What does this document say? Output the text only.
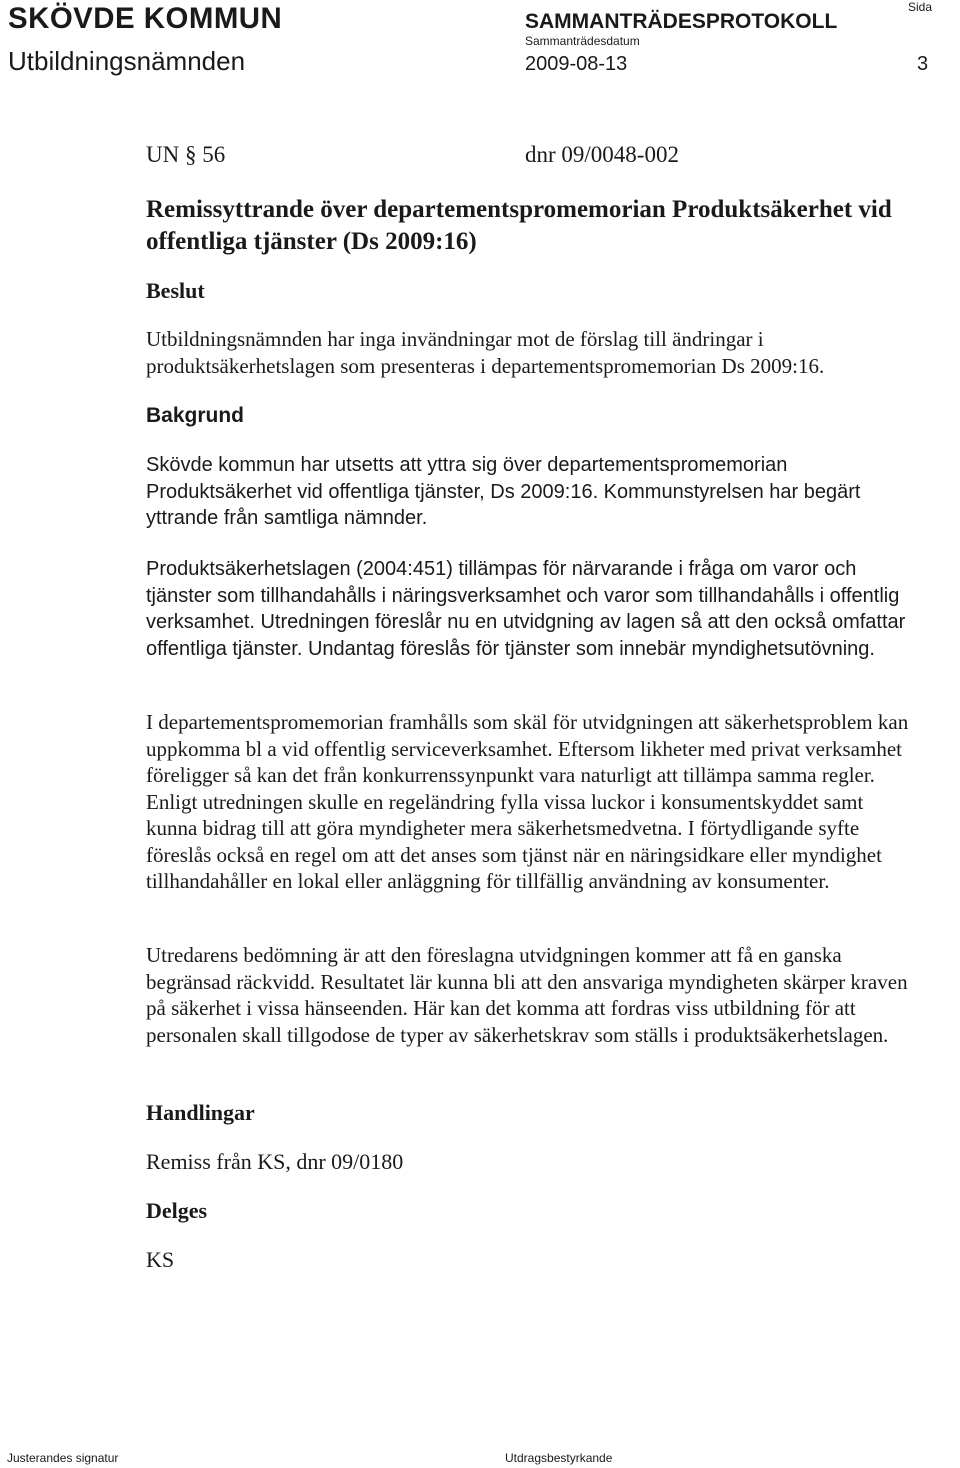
SKÖVDE KOMMUN
Utbildningsnämnden
SAMMANTRÄDESPROTOKOLL
Sammanträdesdatum
Sida
2009-08-13	3
UN § 56	dnr 09/0048-002
Remissyttrande över departementspromemorian Produktsäkerhet vid offentliga tjänster (Ds 2009:16)
Beslut

Utbildningsnämnden har inga invändningar mot de förslag till ändringar i produktsäkerhetslagen som presenteras i departementspromemorian Ds 2009:16.

Bakgrund

Skövde kommun har utsetts att yttra sig över departementspromemorian Produktsäkerhet vid offentliga tjänster, Ds 2009:16. Kommunstyrelsen har begärt yttrande från samtliga nämnder.

Produktsäkerhetslagen (2004:451) tillämpas för närvarande i fråga om varor och tjänster som tillhandahålls i näringsverksamhet och varor som tillhandahålls i offentlig verksamhet. Utredningen föreslår nu en utvidgning av lagen så att den också omfattar offentliga tjänster. Undantag föreslås för tjänster som innebär myndighetsutövning.

I departementspromemorian framhålls som skäl för utvidgningen att säkerhetsproblem kan uppkomma bl a vid offentlig serviceverksamhet. Eftersom likheter med privat verksamhet föreligger så kan det från konkurrenssynpunkt vara naturligt att tillämpa samma regler. Enligt utredningen skulle en regeländring fylla vissa luckor i konsumentskyddet samt kunna bidrag till att göra myndigheter mera säkerhetsmedvetna. I förtydligande syfte föreslås också en regel om att det anses som tjänst när en näringsidkare eller myndighet tillhandahåller en lokal eller anläggning för tillfällig användning av konsumenter.

Utredarens bedömning är att den föreslagna utvidgningen kommer att få en ganska begränsad räckvidd. Resultatet lär kunna bli att den ansvariga myndigheten skärper kraven på säkerhet i vissa hänseenden. Här kan det komma att fordras viss utbildning för att personalen skall tillgodose de typer av säkerhetskrav som ställs i produktsäkerhetslagen.

Handlingar
Remiss från KS, dnr 09/0180
Delges
KS
Justerandes signatur	Utdragsbestyrkande
